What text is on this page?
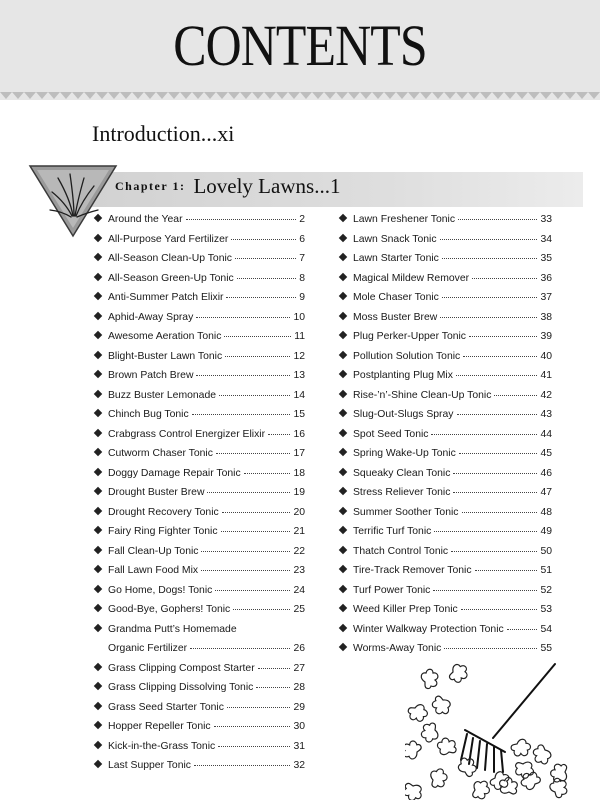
CONTENTS
Introduction...xi
Chapter 1: Lovely Lawns...1
Around the Year	2
All-Purpose Yard Fertilizer	6
All-Season Clean-Up Tonic	7
All-Season Green-Up Tonic	8
Anti-Summer Patch Elixir	9
Aphid-Away Spray	10
Awesome Aeration Tonic	11
Blight-Buster Lawn Tonic	12
Brown Patch Brew	13
Buzz Buster Lemonade	14
Chinch Bug Tonic	15
Crabgrass Control Energizer Elixir	16
Cutworm Chaser Tonic	17
Doggy Damage Repair Tonic	18
Drought Buster Brew	19
Drought Recovery Tonic	20
Fairy Ring Fighter Tonic	21
Fall Clean-Up Tonic	22
Fall Lawn Food Mix	23
Go Home, Dogs! Tonic	24
Good-Bye, Gophers! Tonic	25
Grandma Putt’s Homemade
Organic Fertilizer	26
Grass Clipping Compost Starter	27
Grass Clipping Dissolving Tonic	28
Grass Seed Starter Tonic	29
Hopper Repeller Tonic	30
Kick-in-the-Grass Tonic	31
Last Supper Tonic	32
Lawn Freshener Tonic	33
Lawn Snack Tonic	34
Lawn Starter Tonic	35
Magical Mildew Remover	36
Mole Chaser Tonic	37
Moss Buster Brew	38
Plug Perker-Upper Tonic	39
Pollution Solution Tonic	40
Postplanting Plug Mix	41
Rise-’n’-Shine Clean-Up Tonic	42
Slug-Out-Slugs Spray	43
Spot Seed Tonic	44
Spring Wake-Up Tonic	45
Squeaky Clean Tonic	46
Stress Reliever Tonic	47
Summer Soother Tonic	48
Terrific Turf Tonic	49
Thatch Control Tonic	50
Tire-Track Remover Tonic	51
Turf Power Tonic	52
Weed Killer Prep Tonic	53
Winter Walkway Protection Tonic	54
Worms-Away Tonic	55
